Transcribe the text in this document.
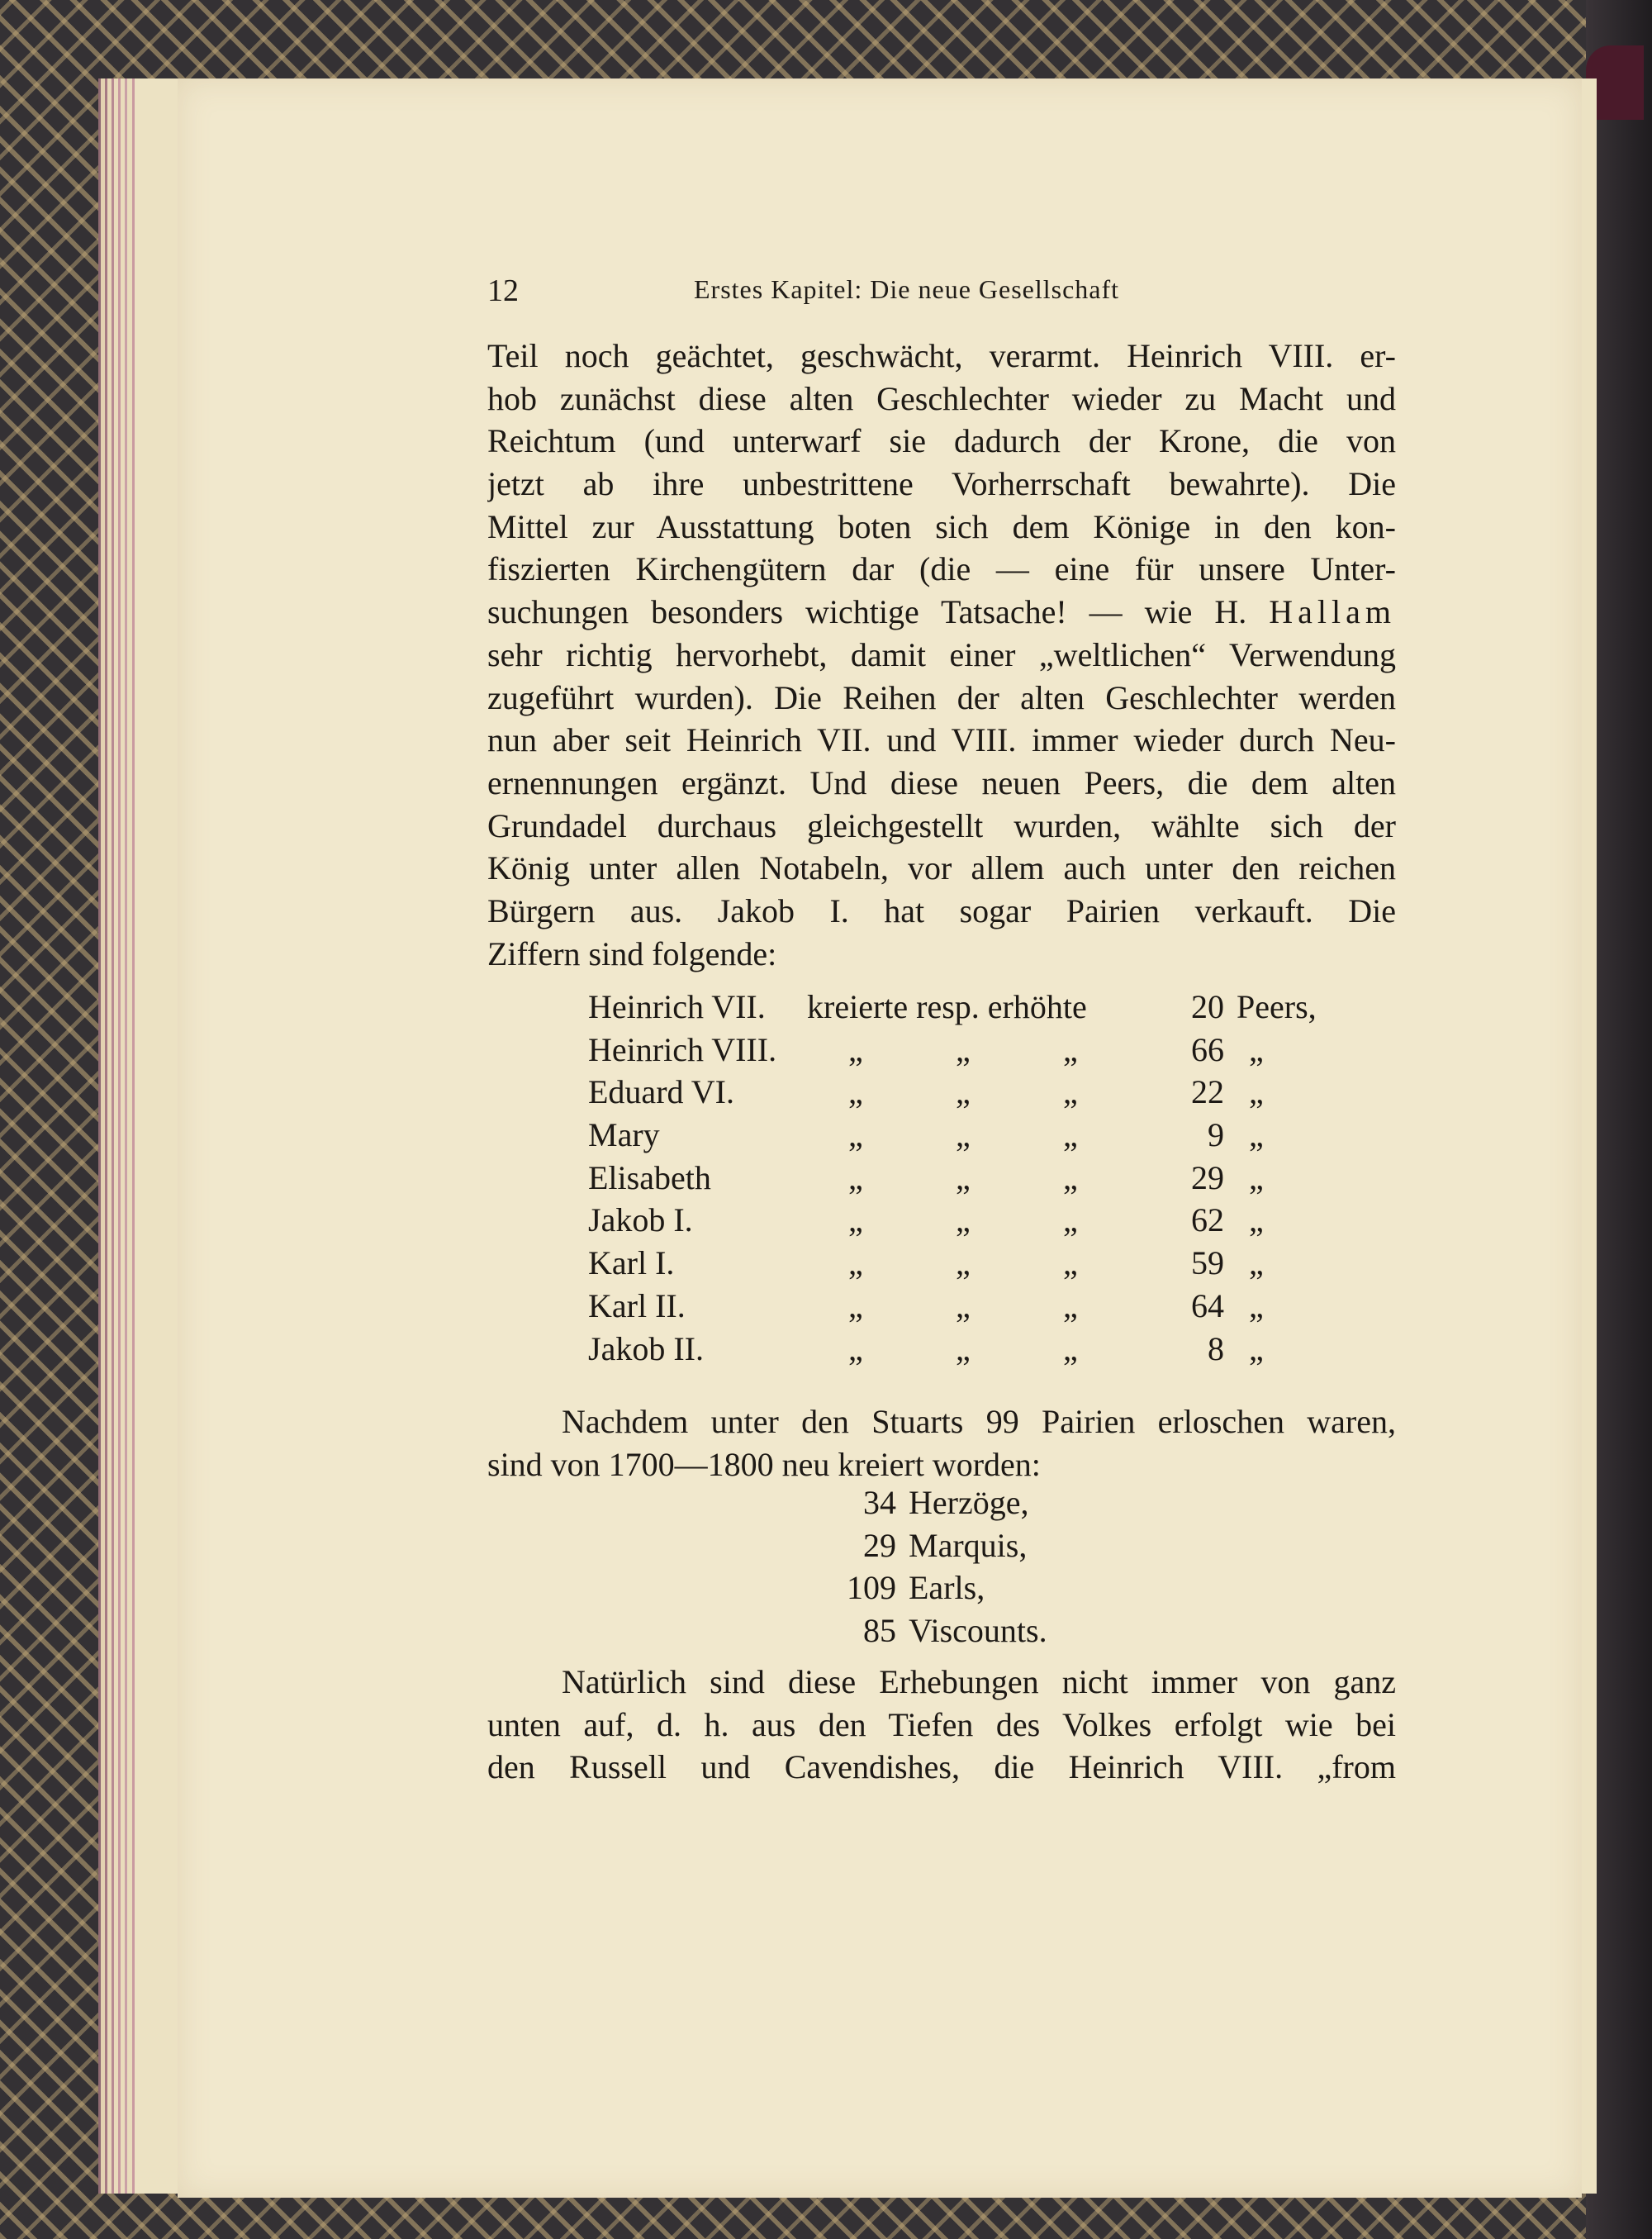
12	Erstes Kapitel: Die neue Gesellschaft
Teil noch geächtet, geschwächt, verarmt. Heinrich VIII. er-
hob zunächst diese alten Geschlechter wieder zu Macht und
Reichtum (und unterwarf sie dadurch der Krone, die von
jetzt ab ihre unbestrittene Vorherrschaft bewahrte). Die
Mittel zur Ausstattung boten sich dem Könige in den kon-
fiszierten Kirchengütern dar (die — eine für unsere Unter-
suchungen besonders wichtige Tatsache! — wie H. Hallam
sehr richtig hervorhebt, damit einer „weltlichen“ Verwendung
zugeführt wurden). Die Reihen der alten Geschlechter werden
nun aber seit Heinrich VII. und VIII. immer wieder durch Neu-
ernennungen ergänzt. Und diese neuen Peers, die dem alten
Grundadel durchaus gleichgestellt wurden, wählte sich der
König unter allen Notabeln, vor allem auch unter den reichen
Bürgern aus. Jakob I. hat sogar Pairien verkauft. Die
Ziffern sind folgende:
Heinrich VII. kreierte resp. erhöhte	20 Peers,
Heinrich VIII. „	„	„	66 „
Eduard VI.	„	„	„	22 „
Mary	„	„	„	9 „
Elisabeth	„	„	„	29 „
Jakob I.	„	„	„	62 „
Karl I.	„	„	„	59 „
Karl II.	„	„	„	64 „
Jakob II.	„	„	„	8 „
Nachdem unter den Stuarts 99 Pairien erloschen waren,
sind von 1700—1800 neu kreiert worden:
34 Herzöge,
29 Marquis,
109 Earls,
85 Viscounts.
Natürlich sind diese Erhebungen nicht immer von ganz
unten auf, d. h. aus den Tiefen des Volkes erfolgt wie bei
den Russell und Cavendishes, die Heinrich VIII. „from
